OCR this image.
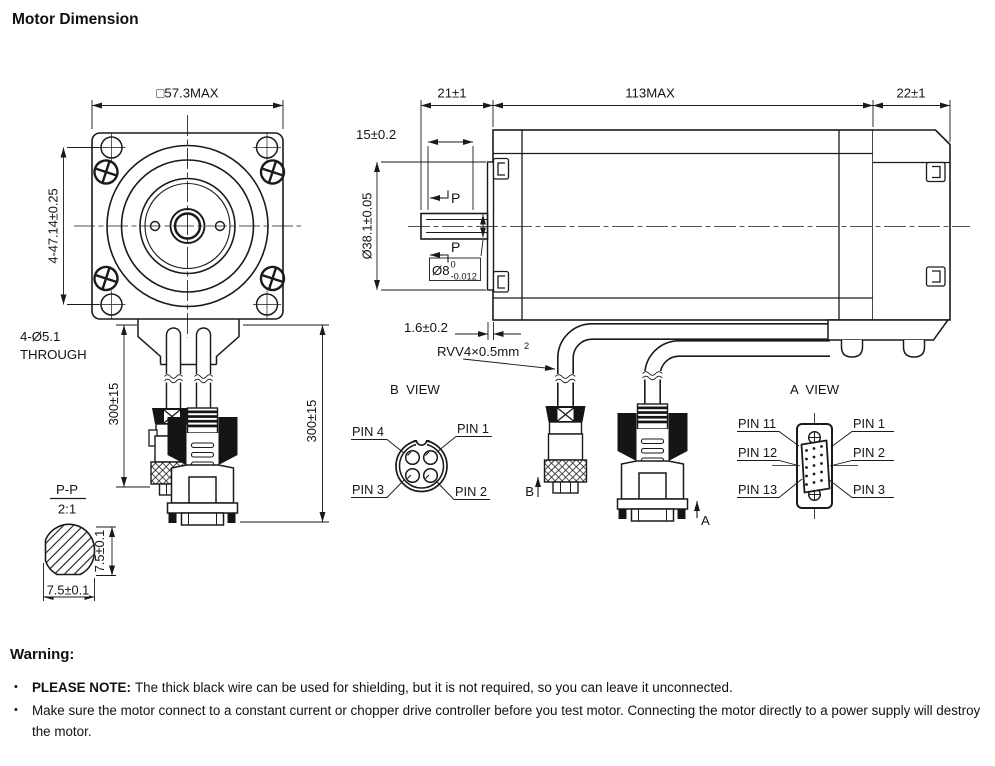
Motor Dimension
□57.3MAX
4-47.14±0.25
4-Ø5.1
THROUGH
300±15	300±15
21±1	113MAX	22±1
15±0.2
Ø38.1±0.05
Ø8 0
-0.012
1.6±0.2
RVV4×0.5mm 2
P
P
B
A
P-P
2:1
7.5±0.1
7.5±0.1
B  VIEW
PIN 4	PIN 1
PIN 3	PIN 2
A  VIEW
PIN 11
PIN 12
PIN 13
PIN 1
PIN 2
PIN 3
Warning:
•	PLEASE NOTE: The thick black wire can be used for shielding, but it is not required, so you can leave it unconnected.
•	Make sure the motor connect to a constant current or chopper drive controller before you test motor. Connecting the motor directly to a power supply will destroy the motor.
